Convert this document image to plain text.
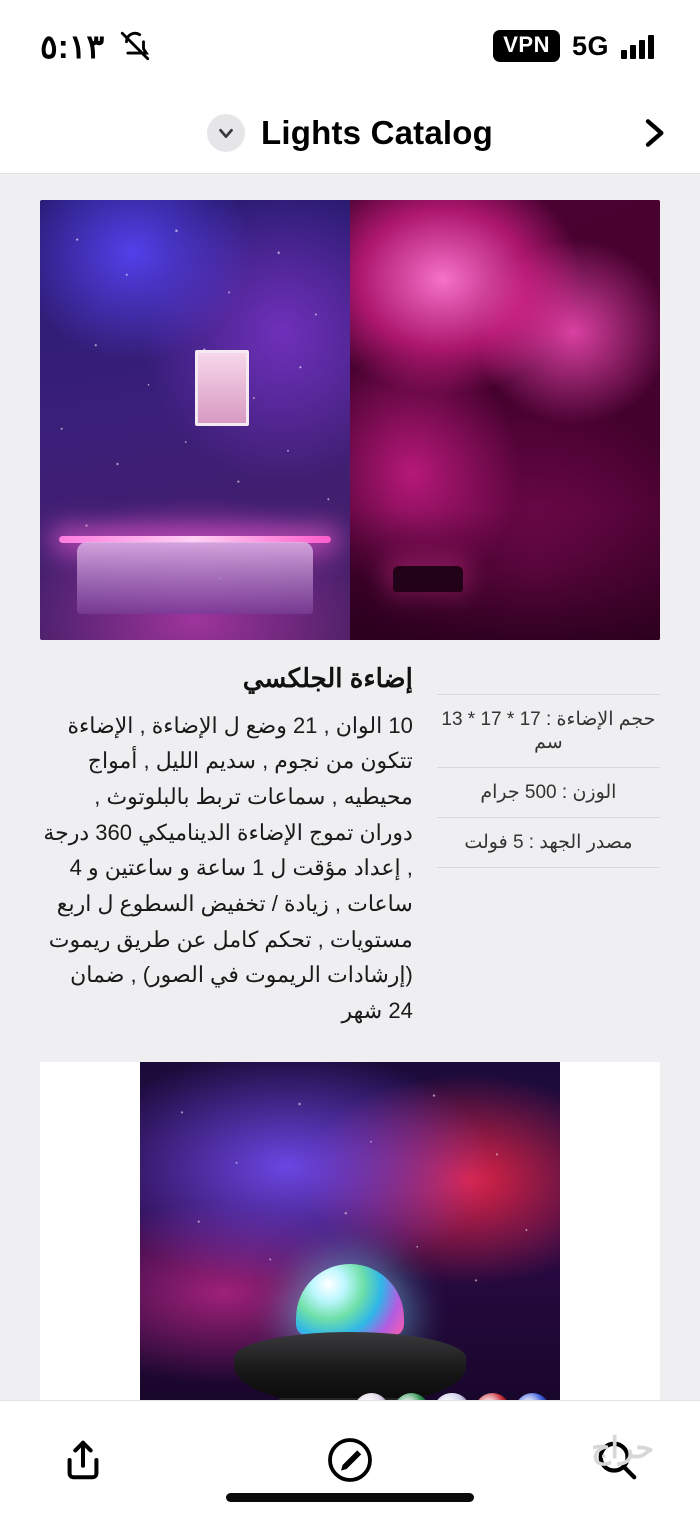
VPN 5G
٥:١٣
Lights Catalog
حجم الإضاءة : 17 * 17 * 13 سم
الوزن : 500 جرام
مصدر الجهد : 5 فولت
إضاءة الجلكسي
10 الوان , 21 وضع ل الإضاءة , الإضاءة تتكون من نجوم , سديم الليل , أمواج محيطيه , سماعات تربط بالبلوتوث , دوران تموج الإضاءة الديناميكي 360 درجة , إعداد مؤقت ل 1 ساعة و ساعتين و 4 ساعات , زيادة / تخفيض السطوع ل اربع مستويات , تحكم كامل عن طريق ريموت (إرشادات الريموت في الصور) , ضمان 24 شهر
حراج
